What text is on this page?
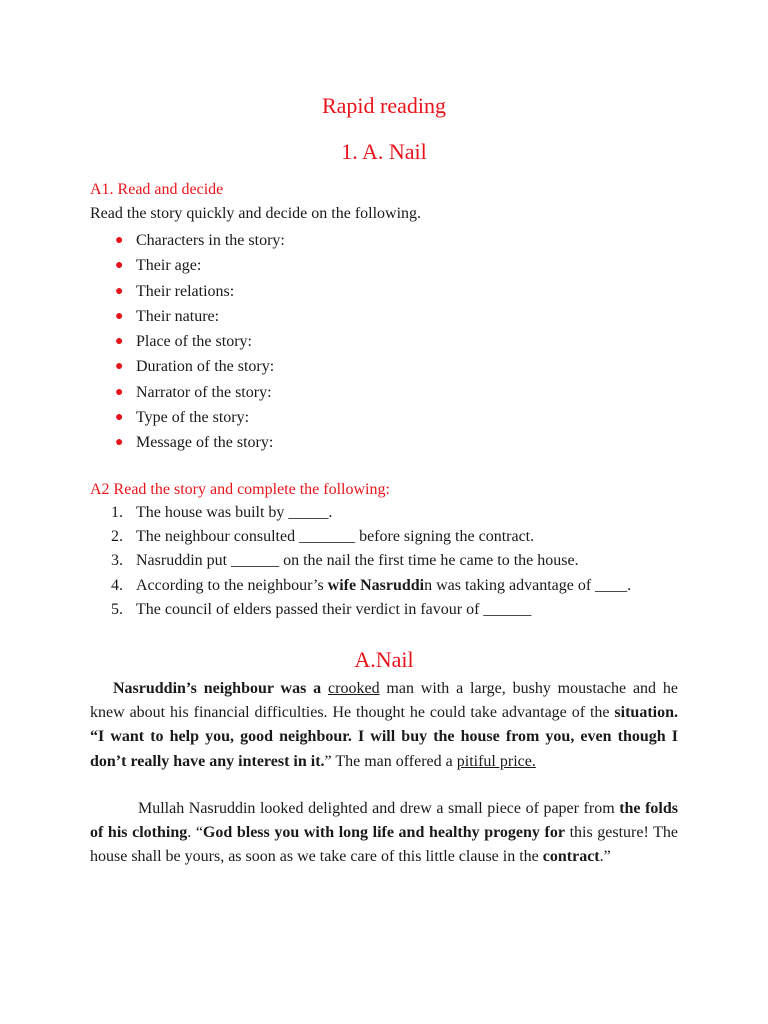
Rapid reading
1. A. Nail
A1. Read and decide
Read the story quickly and decide on the following.
● Characters in the story:
● Their age:
● Their relations:
● Their nature:
● Place of the story:
● Duration of the story:
● Narrator of the story:
● Type of the story:
● Message of the story:
A2 Read the story and complete the following:
1. The house was built by _____.
2. The neighbour consulted _______ before signing the contract.
3. Nasruddin put ______ on the nail the first time he came to the house.
4. According to the neighbour’s wife Nasruddin was taking advantage of ____.
5. The council of elders passed their verdict in favour of ______
A.Nail

Nasruddin’s neighbour was a crooked man with a large, bushy moustache and he knew about his financial difficulties. He thought he could take advantage of the situation. “I want to help you, good neighbour. I will buy the house from you, even though I don’t really have any interest in it.” The man offered a pitiful price.

Mullah Nasruddin looked delighted and drew a small piece of paper from the folds of his clothing. “God bless you with long life and healthy progeny for this gesture! The house shall be yours, as soon as we take care of this little clause in the contract.”
